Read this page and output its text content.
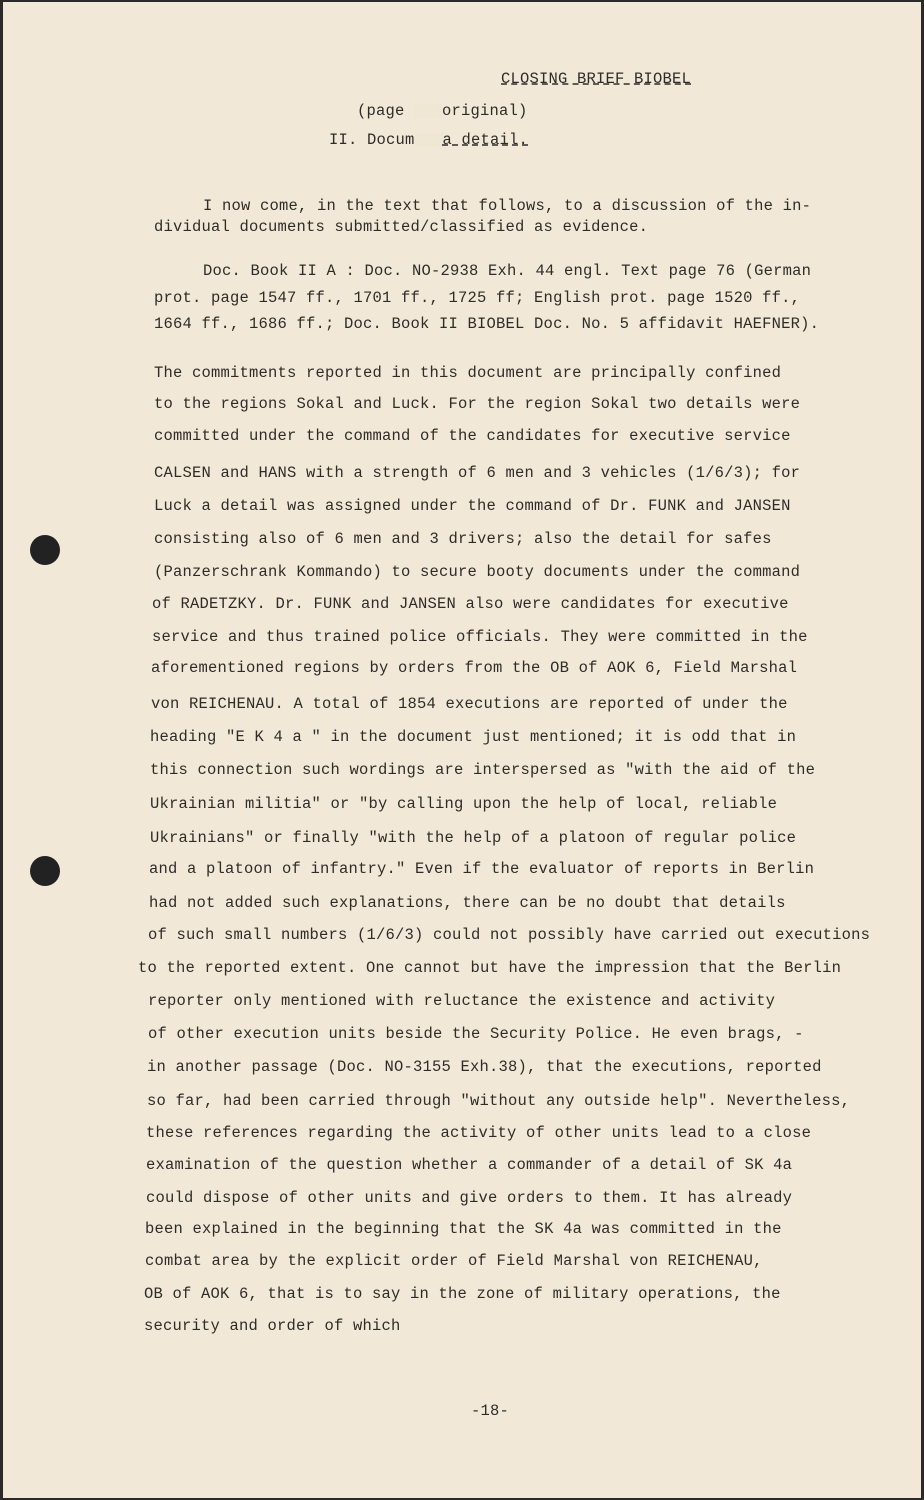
CLOSING BRIEF BIOBEL
(page original)
II. Docum a detail.
I now come, in the text that follows, to a discussion of the in-
dividual documents submitted/classified as evidence.
Doc. Book II A : Doc. NO-2938 Exh. 44 engl. Text page 76 (German
prot. page 1547 ff., 1701 ff., 1725 ff; English prot. page 1520 ff.,
1664 ff., 1686 ff.; Doc. Book II BIOBEL Doc. No. 5 affidavit HAEFNER).
The commitments reported in this document are principally confined
to the regions Sokal and Luck. For the region Sokal two details were
committed under the command of the candidates for executive service
CALSEN and HANS with a strength of 6 men and 3 vehicles (1/6/3); for
Luck a detail was assigned under the command of Dr. FUNK and JANSEN
consisting also of 6 men and 3 drivers; also the detail for safes
(Panzerschrank Kommando) to secure booty documents under the command
of RADETZKY. Dr. FUNK and JANSEN also were candidates for executive
service and thus trained police officials. They were committed in the
aforementioned regions by orders from the OB of AOK 6, Field Marshal
von REICHENAU. A total of 1854 executions are reported of under the
heading "E K 4 a " in the document just mentioned; it is odd that in
this connection such wordings are interspersed as "with the aid of the
Ukrainian militia" or "by calling upon the help of local, reliable
Ukrainians" or finally "with the help of a platoon of regular police
and a platoon of infantry." Even if the evaluator of reports in Berlin
had not added such explanations, there can be no doubt that details
of such small numbers (1/6/3) could not possibly have carried out executions
to the reported extent. One cannot but have the impression that the Berlin
reporter only mentioned with reluctance the existence and activity
of other execution units beside the Security Police. He even brags, -
in another passage (Doc. NO-3155 Exh.38), that the executions, reported
so far, had been carried through "without any outside help". Nevertheless,
these references regarding the activity of other units lead to a close
examination of the question whether a commander of a detail of SK 4a
could dispose of other units and give orders to them. It has already
been explained in the beginning that the SK 4a was committed in the
combat area by the explicit order of Field Marshal von REICHENAU,
OB of AOK 6, that is to say in the zone of military operations, the
security and order of which
-18-
